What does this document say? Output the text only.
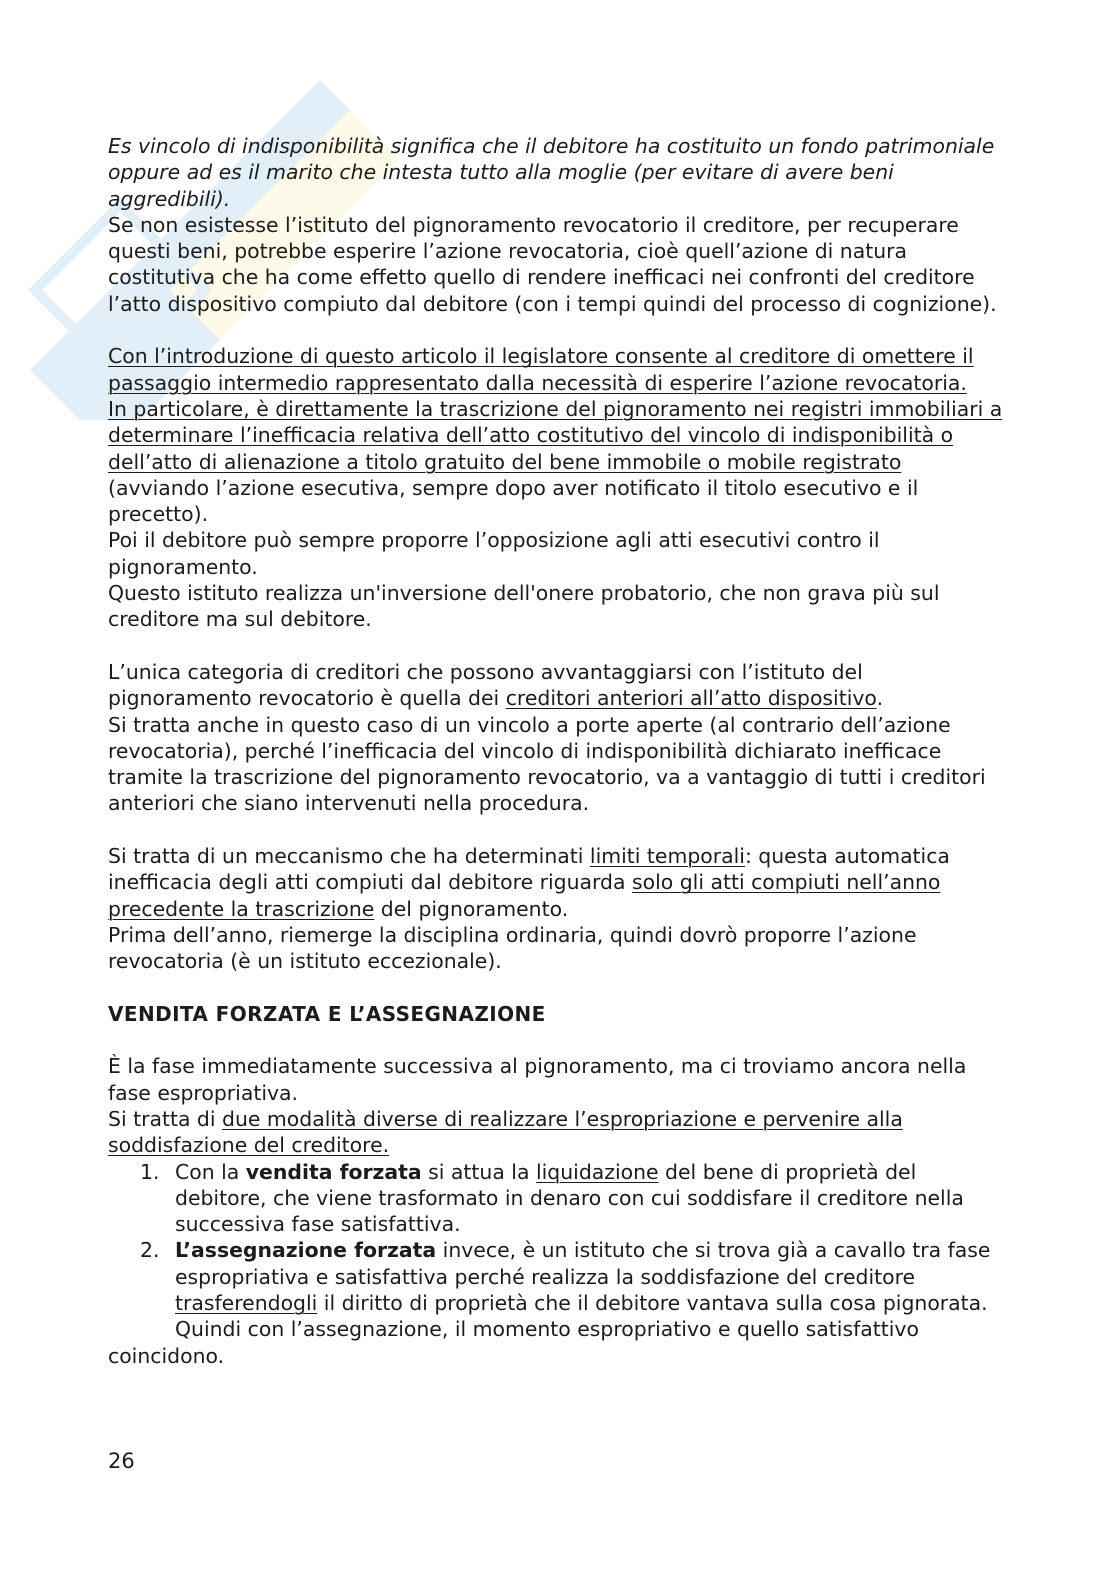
Es vincolo di indisponibilità significa che il debitore ha costituito un fondo patrimoniale oppure ad es il marito che intesta tutto alla moglie (per evitare di avere beni aggredibili).

Se non esistesse l’istituto del pignoramento revocatorio il creditore, per recuperare questi beni, potrebbe esperire l’azione revocatoria, cioè quell’azione di natura costitutiva che ha come effetto quello di rendere inefficaci nei confronti del creditore l’atto dispositivo compiuto dal debitore (con i tempi quindi del processo di cognizione).

Con l’introduzione di questo articolo il legislatore consente al creditore di omettere il passaggio intermedio rappresentato dalla necessità di esperire l’azione revocatoria.

In particolare, è direttamente la trascrizione del pignoramento nei registri immobiliari a determinare l’inefficacia relativa dell’atto costitutivo del vincolo di indisponibilità o dell’atto di alienazione a titolo gratuito del bene immobile o mobile registrato (avviando l’azione esecutiva, sempre dopo aver notificato il titolo esecutivo e il precetto).

Poi il debitore può sempre proporre l’opposizione agli atti esecutivi contro il pignoramento.

Questo istituto realizza un'inversione dell'onere probatorio, che non grava più sul creditore ma sul debitore.

L’unica categoria di creditori che possono avvantaggiarsi con l’istituto del pignoramento revocatorio è quella dei creditori anteriori all’atto dispositivo.

Si tratta anche in questo caso di un vincolo a porte aperte (al contrario dell’azione revocatoria), perché l’inefficacia del vincolo di indisponibilità dichiarato inefficace tramite la trascrizione del pignoramento revocatorio, va a vantaggio di tutti i creditori anteriori che siano intervenuti nella procedura.

Si tratta di un meccanismo che ha determinati limiti temporali: questa automatica inefficacia degli atti compiuti dal debitore riguarda solo gli atti compiuti nell’anno precedente la trascrizione del pignoramento.

Prima dell’anno, riemerge la disciplina ordinaria, quindi dovrò proporre l’azione revocatoria (è un istituto eccezionale).

VENDITA FORZATA E L’ASSEGNAZIONE

È la fase immediatamente successiva al pignoramento, ma ci troviamo ancora nella fase espropriativa.

Si tratta di due modalità diverse di realizzare l’espropriazione e pervenire alla soddisfazione del creditore.

1. Con la vendita forzata si attua la liquidazione del bene di proprietà del debitore, che viene trasformato in denaro con cui soddisfare il creditore nella successiva fase satisfattiva.
2. L’assegnazione forzata invece, è un istituto che si trova già a cavallo tra fase espropriativa e satisfattiva perché realizza la soddisfazione del creditore trasferendogli il diritto di proprietà che il debitore vantava sulla cosa pignorata.

Quindi con l’assegnazione, il momento espropriativo e quello satisfattivo
coincidono.

26
